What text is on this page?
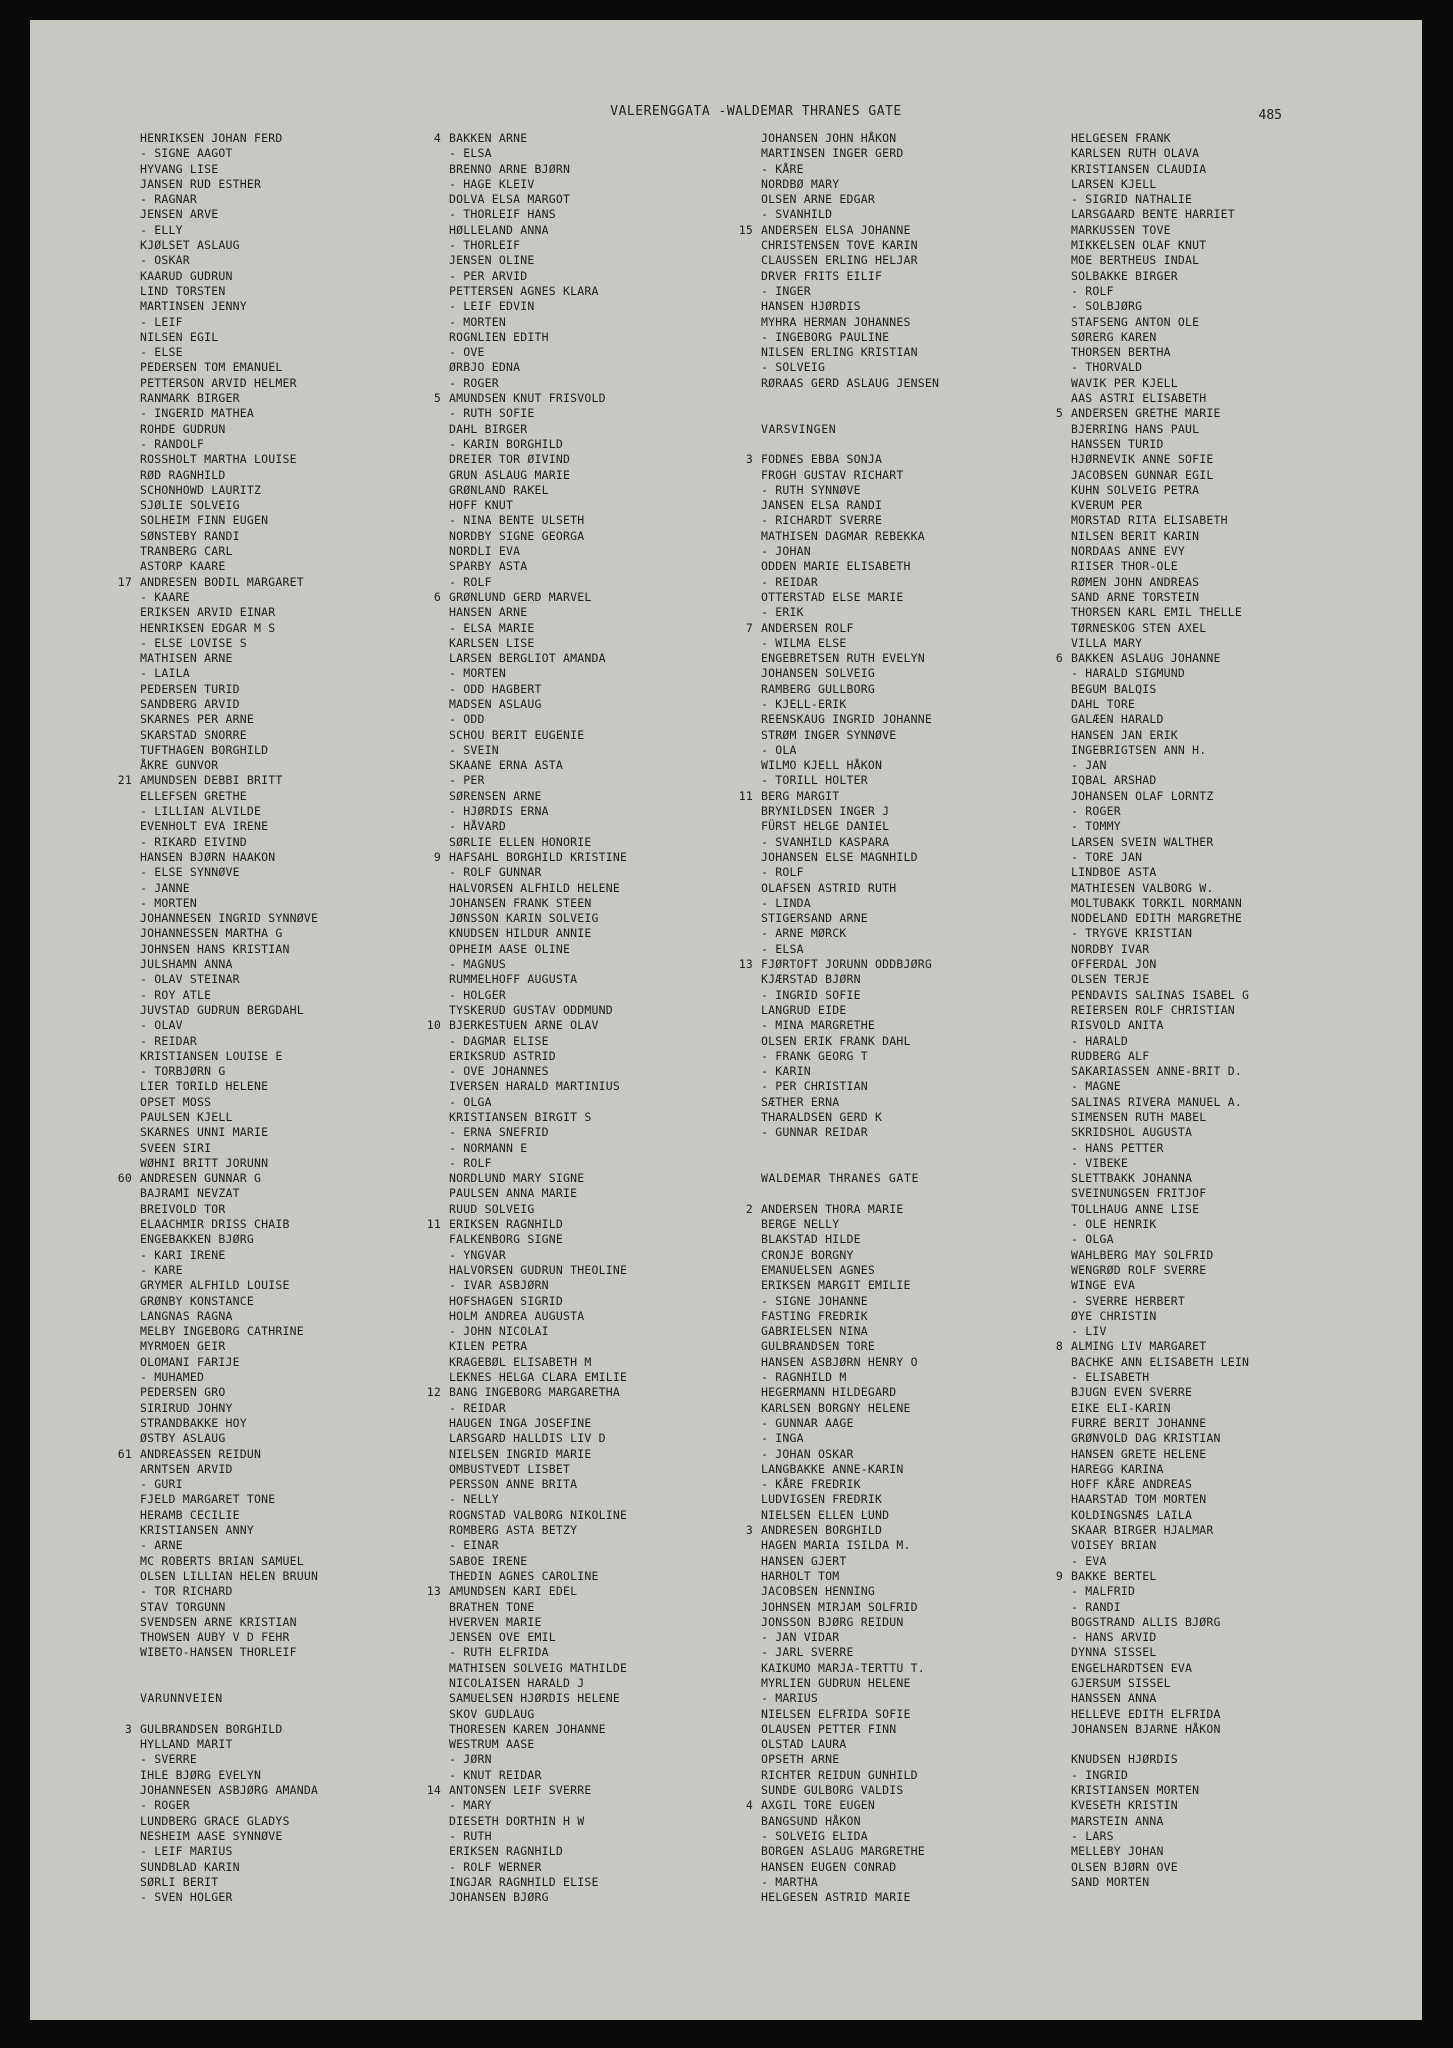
VALERENGGATA -WALDEMAR THRANES GATE	485
HENRIKSEN JOHAN FERD
- SIGNE AAGOT
HYVANG LISE
JANSEN RUD ESTHER
- RAGNAR
JENSEN ARVE
- ELLY
KJØLSET ASLAUG
- OSKAR
KAARUD GUDRUN
LIND TORSTEN
MARTINSEN JENNY
- LEIF
NILSEN EGIL
- ELSE
PEDERSEN TOM EMANUEL
PETTERSON ARVID HELMER
RANMARK BIRGER
- INGERID MATHEA
ROHDE GUDRUN
- RANDOLF
ROSSHOLT MARTHA LOUISE
RØD RAGNHILD
SCHONHOWD LAURITZ
SJØLIE SOLVEIG
SOLHEIM FINN EUGEN
SØNSTEBY RANDI
TRANBERG CARL
ASTORP KAARE
17 ANDRESEN BODIL MARGARET
- KAARE
ERIKSEN ARVID EINAR
HENRIKSEN EDGAR M S
- ELSE LOVISE S
MATHISEN ARNE
- LAILA
PEDERSEN TURID
SANDBERG ARVID
SKARNES PER ARNE
SKARSTAD SNORRE
TUFTHAGEN BORGHILD
ÅKRE GUNVOR
21 AMUNDSEN DEBBI BRITT
ELLEFSEN GRETHE
- LILLIAN ALVILDE
EVENHOLT EVA IRENE
- RIKARD EIVIND
HANSEN BJØRN HAAKON
- ELSE SYNNØVE
- JANNE
- MORTEN
JOHANNESEN INGRID SYNNØVE
JOHANNESSEN MARTHA G
JOHNSEN HANS KRISTIAN
JULSHAMN ANNA
- OLAV STEINAR
- ROY ATLE
JUVSTAD GUDRUN BERGDAHL
- OLAV
- REIDAR
KRISTIANSEN LOUISE E
- TORBJØRN G
LIER TORILD HELENE
OPSET MOSS
PAULSEN KJELL
SKARNES UNNI MARIE
SVEEN SIRI
WØHNI BRITT JORUNN
60 ANDRESEN GUNNAR G
BAJRAMI NEVZAT
BREIVOLD TOR
ELAACHMIR DRISS CHAIB
ENGEBAKKEN BJØRG
- KARI IRENE
- KARE
GRYMER ALFHILD LOUISE
GRØNBY KONSTANCE
LANGNAS RAGNA
MELBY INGEBORG CATHRINE
MYRMOEN GEIR
OLOMANI FARIJE
- MUHAMED
PEDERSEN GRO
SIRIRUD JOHNY
STRANDBAKKE HOY
ØSTBY ASLAUG
61 ANDREASSEN REIDUN
ARNTSEN ARVID
- GURI
FJELD MARGARET TONE
HERAMB CECILIE
KRISTIANSEN ANNY
- ARNE
MC ROBERTS BRIAN SAMUEL
OLSEN LILLIAN HELEN BRUUN
- TOR RICHARD
STAV TORGUNN
SVENDSEN ARNE KRISTIAN
THOWSEN AUBY V D FEHR
WIBETO-HANSEN THORLEIF
VARUNNVEIEN
3 GULBRANDSEN BORGHILD
HYLLAND MARIT
- SVERRE
IHLE BJØRG EVELYN
JOHANNESEN ASBJØRG AMANDA
- ROGER
LUNDBERG GRACE GLADYS
NESHEIM AASE SYNNØVE
- LEIF MARIUS
SUNDBLAD KARIN
SØRLI BERIT
- SVEN HOLGER
4 BAKKEN ARNE
- ELSA
BRENNO ARNE BJØRN
- HAGE KLEIV
DOLVA ELSA MARGOT
- THORLEIF HANS
HØLLELAND ANNA
- THORLEIF
JENSEN OLINE
- PER ARVID
PETTERSEN AGNES KLARA
- LEIF EDVIN
- MORTEN
ROGNLIEN EDITH
- OVE
ØRBJO EDNA
- ROGER
5 AMUNDSEN KNUT FRISVOLD
- RUTH SOFIE
DAHL BIRGER
- KARIN BORGHILD
DREIER TOR ØIVIND
GRUN ASLAUG MARIE
GRØNLAND RAKEL
HOFF KNUT
- NINA BENTE ULSETH
NORDBY SIGNE GEORGA
NORDLI EVA
SPARBY ASTA
- ROLF
6 GRØNLUND GERD MARVEL
HANSEN ARNE
- ELSA MARIE
KARLSEN LISE
LARSEN BERGLIOT AMANDA
- MORTEN
- ODD HAGBERT
MADSEN ASLAUG
- ODD
SCHOU BERIT EUGENIE
- SVEIN
SKAANE ERNA ASTA
- PER
SØRENSEN ARNE
- HJØRDIS ERNA
- HÅVARD
SØRLIE ELLEN HONORIE
9 HAFSAHL BORGHILD KRISTINE
- ROLF GUNNAR
HALVORSEN ALFHILD HELENE
JOHANSEN FRANK STEEN
JØNSSON KARIN SOLVEIG
KNUDSEN HILDUR ANNIE
OPHEIM AASE OLINE
- MAGNUS
RUMMELHOFF AUGUSTA
- HOLGER
TYSKERUD GUSTAV ODDMUND
10 BJERKESTUEN ARNE OLAV
- DAGMAR ELISE
ERIKSRUD ASTRID
- OVE JOHANNES
IVERSEN HARALD MARTINIUS
- OLGA
KRISTIANSEN BIRGIT S
- ERNA SNEFRID
- NORMANN E
- ROLF
NORDLUND MARY SIGNE
PAULSEN ANNA MARIE
RUUD SOLVEIG
11 ERIKSEN RAGNHILD
FALKENBORG SIGNE
- YNGVAR
HALVORSEN GUDRUN THEOLINE
- IVAR ASBJØRN
HOFSHAGEN SIGRID
HOLM ANDREA AUGUSTA
- JOHN NICOLAI
KILEN PETRA
KRAGEBØL ELISABETH M
LEKNES HELGA CLARA EMILIE
12 BANG INGEBORG MARGARETHA
- REIDAR
HAUGEN INGA JOSEFINE
LARSGARD HALLDIS LIV D
NIELSEN INGRID MARIE
OMBUSTVEDT LISBET
PERSSON ANNE BRITA
- NELLY
ROGNSTAD VALBORG NIKOLINE
ROMBERG ASTA BETZY
- EINAR
SABOE IRENE
THEDIN AGNES CAROLINE
13 AMUNDSEN KARI EDEL
BRATHEN TONE
HVERVEN MARIE
JENSEN OVE EMIL
- RUTH ELFRIDA
MATHISEN SOLVEIG MATHILDE
NICOLAISEN HARALD J
SAMUELSEN HJØRDIS HELENE
SKOV GUDLAUG
THORESEN KAREN JOHANNE
WESTRUM AASE
- JØRN
- KNUT REIDAR
14 ANTONSEN LEIF SVERRE
- MARY
DIESETH DORTHIN H W
- RUTH
ERIKSEN RAGNHILD
- ROLF WERNER
INGJAR RAGNHILD ELISE
JOHANSEN BJØRG
JOHANSEN JOHN HÅKON
MARTINSEN INGER GERD
- KÅRE
NORDBØ MARY
OLSEN ARNE EDGAR
- SVANHILD
15 ANDERSEN ELSA JOHANNE
CHRISTENSEN TOVE KARIN
CLAUSSEN ERLING HELJAR
DRVER FRITS EILIF
- INGER
HANSEN HJØRDIS
MYHRA HERMAN JOHANNES
- INGEBORG PAULINE
NILSEN ERLING KRISTIAN
- SOLVEIG
RØRAAS GERD ASLAUG JENSEN
VARSVINGEN
3 FODNES EBBA SONJA
FROGH GUSTAV RICHART
- RUTH SYNNØVE
JANSEN ELSA RANDI
- RICHARDT SVERRE
MATHISEN DAGMAR REBEKKA
- JOHAN
ODDEN MARIE ELISABETH
- REIDAR
OTTERSTAD ELSE MARIE
- ERIK
7 ANDERSEN ROLF
- WILMA ELSE
ENGEBRETSEN RUTH EVELYN
JOHANSEN SOLVEIG
RAMBERG GULLBORG
- KJELL-ERIK
REENSKAUG INGRID JOHANNE
STRØM INGER SYNNØVE
- OLA
WILMO KJELL HÅKON
- TORILL HOLTER
11 BERG MARGIT
BRYNILDSEN INGER J
FÜRST HELGE DANIEL
- SVANHILD KASPARA
JOHANSEN ELSE MAGNHILD
- ROLF
OLAFSEN ASTRID RUTH
- LINDA
STIGERSAND ARNE
- ARNE MØRCK
- ELSA
13 FJØRTOFT JORUNN ODDBJØRG
KJÆRSTAD BJØRN
- INGRID SOFIE
LANGRUD EIDE
- MINA MARGRETHE
OLSEN ERIK FRANK DAHL
- FRANK GEORG T
- KARIN
- PER CHRISTIAN
SÆTHER ERNA
THARALDSEN GERD K
- GUNNAR REIDAR
WALDEMAR THRANES GATE
2 ANDERSEN THORA MARIE
BERGE NELLY
BLAKSTAD HILDE
CRONJE BORGNY
EMANUELSEN AGNES
ERIKSEN MARGIT EMILIE
- SIGNE JOHANNE
FASTING FREDRIK
GABRIELSEN NINA
GULBRANDSEN TORE
HANSEN ASBJØRN HENRY O
- RAGNHILD M
HEGERMANN HILDEGARD
KARLSEN BORGNY HELENE
- GUNNAR AAGE
- INGA
- JOHAN OSKAR
LANGBAKKE ANNE-KARIN
- KÅRE FREDRIK
LUDVIGSEN FREDRIK
NIELSEN ELLEN LUND
3 ANDRESEN BORGHILD
HAGEN MARIA ISILDA M.
HANSEN GJERT
HARHOLT TOM
JACOBSEN HENNING
JOHNSEN MIRJAM SOLFRID
JONSSON BJØRG REIDUN
- JAN VIDAR
- JARL SVERRE
KAIKUMO MARJA-TERTTU T.
MYRLIEN GUDRUN HELENE
- MARIUS
NIELSEN ELFRIDA SOFIE
OLAUSEN PETTER FINN
OLSTAD LAURA
OPSETH ARNE
RICHTER REIDUN GUNHILD
SUNDE GULBORG VALDIS
4 AXGIL TORE EUGEN
BANGSUND HÅKON
- SOLVEIG ELIDA
BORGEN ASLAUG MARGRETHE
HANSEN EUGEN CONRAD
- MARTHA
HELGESEN ASTRID MARIE
HELGESEN FRANK
KARLSEN RUTH OLAVA
KRISTIANSEN CLAUDIA
LARSEN KJELL
- SIGRID NATHALIE
LARSGAARD BENTE HARRIET
MARKUSSEN TOVE
MIKKELSEN OLAF KNUT
MOE BERTHEUS INDAL
SOLBAKKE BIRGER
- ROLF
- SOLBJØRG
STAFSENG ANTON OLE
SØRERG KAREN
THORSEN BERTHA
- THORVALD
WAVIK PER KJELL
AAS ASTRI ELISABETH
5 ANDERSEN GRETHE MARIE
BJERRING HANS PAUL
HANSSEN TURID
HJØRNEVIK ANNE SOFIE
JACOBSEN GUNNAR EGIL
KUHN SOLVEIG PETRA
KVERUM PER
MORSTAD RITA ELISABETH
NILSEN BERIT KARIN
NORDAAS ANNE EVY
RIISER THOR-OLE
RØMEN JOHN ANDREAS
SAND ARNE TORSTEIN
THORSEN KARL EMIL THELLE
TØRNESKOG STEN AXEL
VILLA MARY
6 BAKKEN ASLAUG JOHANNE
- HARALD SIGMUND
BEGUM BALQIS
DAHL TORE
GALÆEN HARALD
HANSEN JAN ERIK
INGEBRIGTSEN ANN H.
- JAN
IQBAL ARSHAD
JOHANSEN OLAF LORNTZ
- ROGER
- TOMMY
LARSEN SVEIN WALTHER
- TORE JAN
LINDBOE ASTA
MATHIESEN VALBORG W.
MOLTUBAKK TORKIL NORMANN
NODELAND EDITH MARGRETHE
- TRYGVE KRISTIAN
NORDBY IVAR
OFFERDAL JON
OLSEN TERJE
PENDAVIS SALINAS ISABEL G
REIERSEN ROLF CHRISTIAN
RISVOLD ANITA
- HARALD
RUDBERG ALF
SAKARIASSEN ANNE-BRIT D.
- MAGNE
SALINAS RIVERA MANUEL A.
SIMENSEN RUTH MABEL
SKRIDSHOL AUGUSTA
- HANS PETTER
- VIBEKE
SLETTBAKK JOHANNA
SVEINUNGSEN FRITJOF
TOLLHAUG ANNE LISE
- OLE HENRIK
- OLGA
WAHLBERG MAY SOLFRID
WENGRØD ROLF SVERRE
WINGE EVA
- SVERRE HERBERT
ØYE CHRISTIN
- LIV
8 ALMING LIV MARGARET
BACHKE ANN ELISABETH LEIN
- ELISABETH
BJUGN EVEN SVERRE
EIKE ELI-KARIN
FURRE BERIT JOHANNE
GRØNVOLD DAG KRISTIAN
HANSEN GRETE HELENE
HAREGG KARINA
HOFF KÅRE ANDREAS
HAARSTAD TOM MORTEN
KOLDINGSNÆS LAILA
SKAAR BIRGER HJALMAR
VOISEY BRIAN
- EVA
9 BAKKE BERTEL
- MALFRID
- RANDI
BOGSTRAND ALLIS BJØRG
- HANS ARVID
DYNNA SISSEL
ENGELHARDTSEN EVA
GJERSUM SISSEL
HANSSEN ANNA
HELLEVE EDITH ELFRIDA
JOHANSEN BJARNE HÅKON
KNUDSEN HJØRDIS
- INGRID
KRISTIANSEN MORTEN
KVESETH KRISTIN
MARSTEIN ANNA
- LARS
MELLEBY JOHAN
OLSEN BJØRN OVE
SAND MORTEN
